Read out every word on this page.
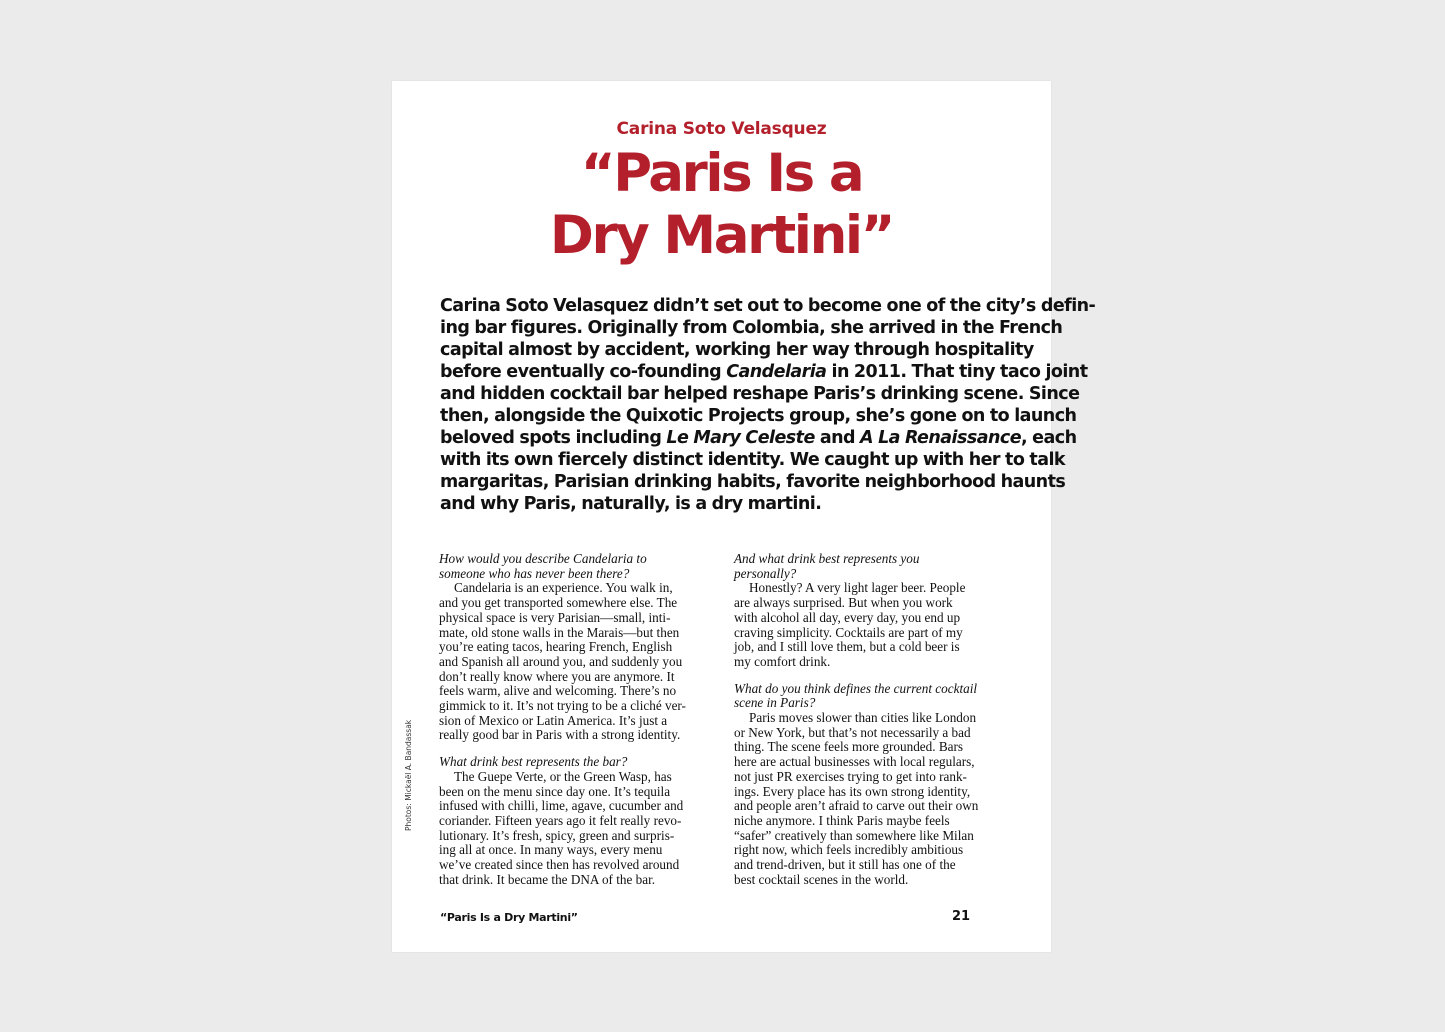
Carina Soto Velasquez
“Paris Is a
Dry Martini”
Carina Soto Velasquez didn’t set out to become one of the city’s defin-
ing bar figures. Originally from Colombia, she arrived in the French
capital almost by accident, working her way through hospitality
before eventually co-founding Candelaria in 2011. That tiny taco joint
and hidden cocktail bar helped reshape Paris’s drinking scene. Since
then, alongside the Quixotic Projects group, she’s gone on to launch
beloved spots including Le Mary Celeste and A La Renaissance, each
with its own fiercely distinct identity. We caught up with her to talk
margaritas, Parisian drinking habits, favorite neighborhood haunts
and why Paris, naturally, is a dry martini.
How would you describe Candelaria to
someone who has never been there?
Candelaria is an experience. You walk in,
and you get transported somewhere else. The
physical space is very Parisian—small, inti-
mate, old stone walls in the Marais—but then
you’re eating tacos, hearing French, English
and Spanish all around you, and suddenly you
don’t really know where you are anymore. It
feels warm, alive and welcoming. There’s no
gimmick to it. It’s not trying to be a cliché ver-
sion of Mexico or Latin America. It’s just a
really good bar in Paris with a strong identity.
What drink best represents the bar?
The Guepe Verte, or the Green Wasp, has
been on the menu since day one. It’s tequila
infused with chilli, lime, agave, cucumber and
coriander. Fifteen years ago it felt really revo-
lutionary. It’s fresh, spicy, green and surpris-
ing all at once. In many ways, every menu
we’ve created since then has revolved around
that drink. It became the DNA of the bar.
And what drink best represents you
personally?
Honestly? A very light lager beer. People
are always surprised. But when you work
with alcohol all day, every day, you end up
craving simplicity. Cocktails are part of my
job, and I still love them, but a cold beer is
my comfort drink.
What do you think defines the current cocktail
scene in Paris?
Paris moves slower than cities like London
or New York, but that’s not necessarily a bad
thing. The scene feels more grounded. Bars
here are actual businesses with local regulars,
not just PR exercises trying to get into rank-
ings. Every place has its own strong identity,
and people aren’t afraid to carve out their own
niche anymore. I think Paris maybe feels
“safer” creatively than somewhere like Milan
right now, which feels incredibly ambitious
and trend-driven, but it still has one of the
best cocktail scenes in the world.
Photos: Mickaël A. Bandassak
“Paris Is a Dry Martini”	21
